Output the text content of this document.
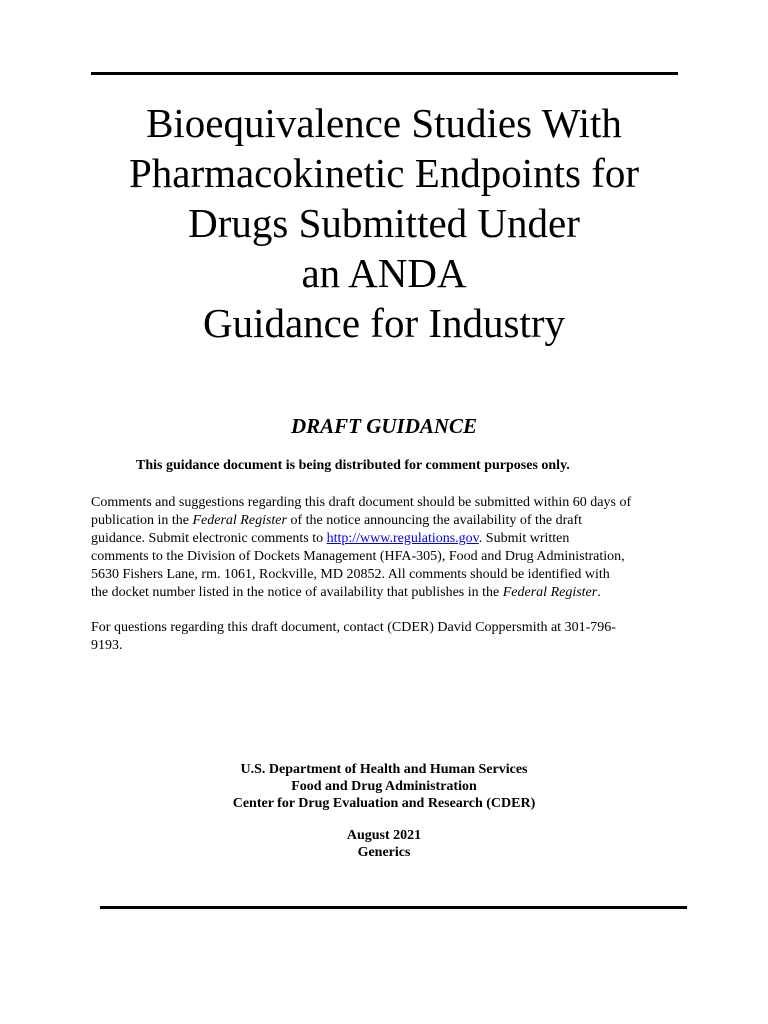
Bioequivalence Studies With
Pharmacokinetic Endpoints for
Drugs Submitted Under
an ANDA
Guidance for Industry
DRAFT GUIDANCE
This guidance document is being distributed for comment purposes only.
Comments and suggestions regarding this draft document should be submitted within 60 days of
publication in the Federal Register of the notice announcing the availability of the draft
guidance. Submit electronic comments to http://www.regulations.gov. Submit written
comments to the Division of Dockets Management (HFA-305), Food and Drug Administration,
5630 Fishers Lane, rm. 1061, Rockville, MD 20852. All comments should be identified with
the docket number listed in the notice of availability that publishes in the Federal Register.
For questions regarding this draft document, contact (CDER) David Coppersmith at 301-796-
9193.
U.S. Department of Health and Human Services
Food and Drug Administration
Center for Drug Evaluation and Research (CDER)
August 2021
Generics
